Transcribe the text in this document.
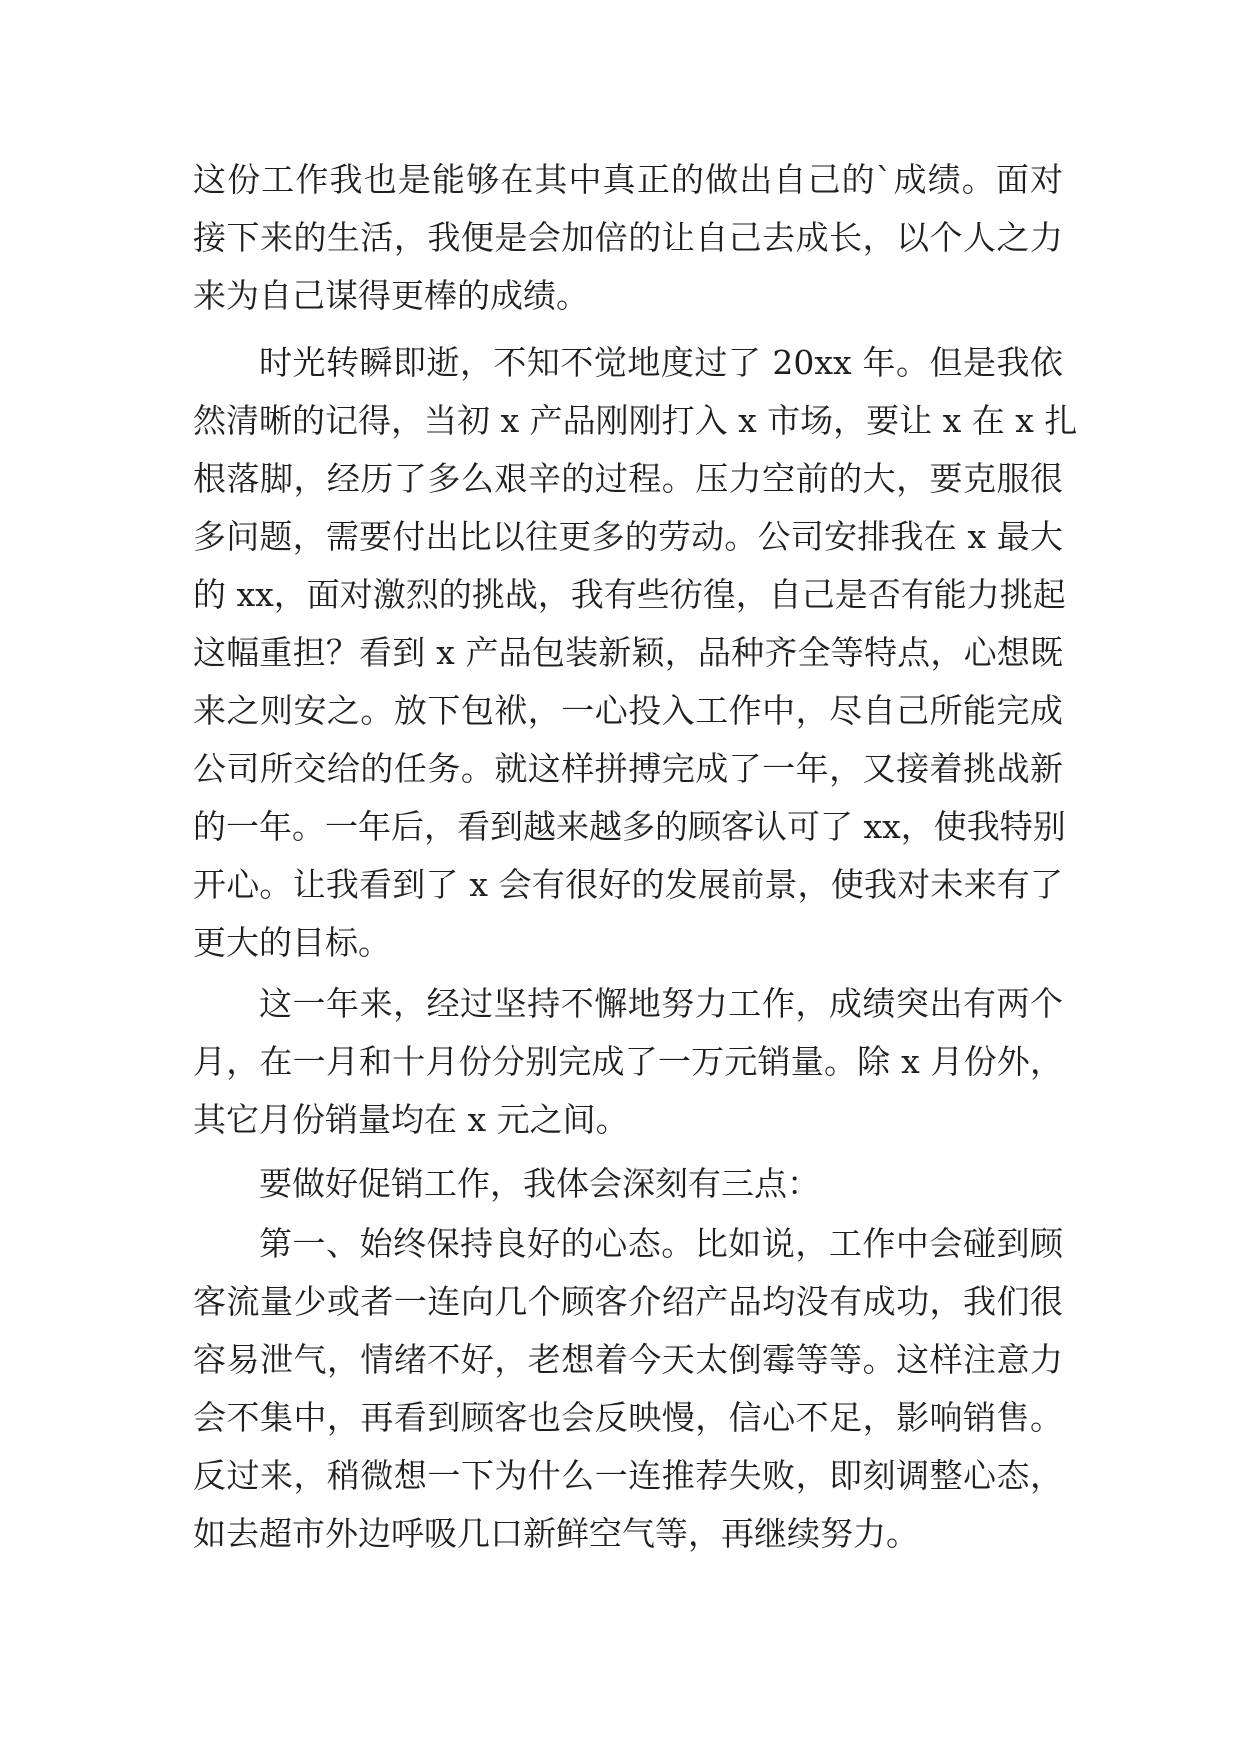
这份工作我也是能够在其中真正的做出自己的`成绩。面对
接下来的生活，我便是会加倍的让自己去成长，以个人之力
来为自己谋得更棒的成绩。
时光转瞬即逝，不知不觉地度过了 20xx 年。但是我依
然清晰的记得，当初 x 产品刚刚打入 x 市场，要让 x 在 x 扎
根落脚，经历了多么艰辛的过程。压力空前的大，要克服很
多问题，需要付出比以往更多的劳动。公司安排我在 x 最大
的 xx，面对激烈的挑战，我有些彷徨，自己是否有能力挑起
这幅重担？看到 x 产品包装新颖，品种齐全等特点，心想既
来之则安之。放下包袱，一心投入工作中，尽自己所能完成
公司所交给的任务。就这样拼搏完成了一年，又接着挑战新
的一年。一年后，看到越来越多的顾客认可了 xx，使我特别
开心。让我看到了 x 会有很好的发展前景，使我对未来有了
更大的目标。
这一年来，经过坚持不懈地努力工作，成绩突出有两个
月，在一月和十月份分别完成了一万元销量。除 x 月份外，
其它月份销量均在 x 元之间。
要做好促销工作，我体会深刻有三点：
第一、始终保持良好的心态。比如说，工作中会碰到顾
客流量少或者一连向几个顾客介绍产品均没有成功，我们很
容易泄气，情绪不好，老想着今天太倒霉等等。这样注意力
会不集中，再看到顾客也会反映慢，信心不足，影响销售。
反过来，稍微想一下为什么一连推荐失败，即刻调整心态，
如去超市外边呼吸几口新鲜空气等，再继续努力。
